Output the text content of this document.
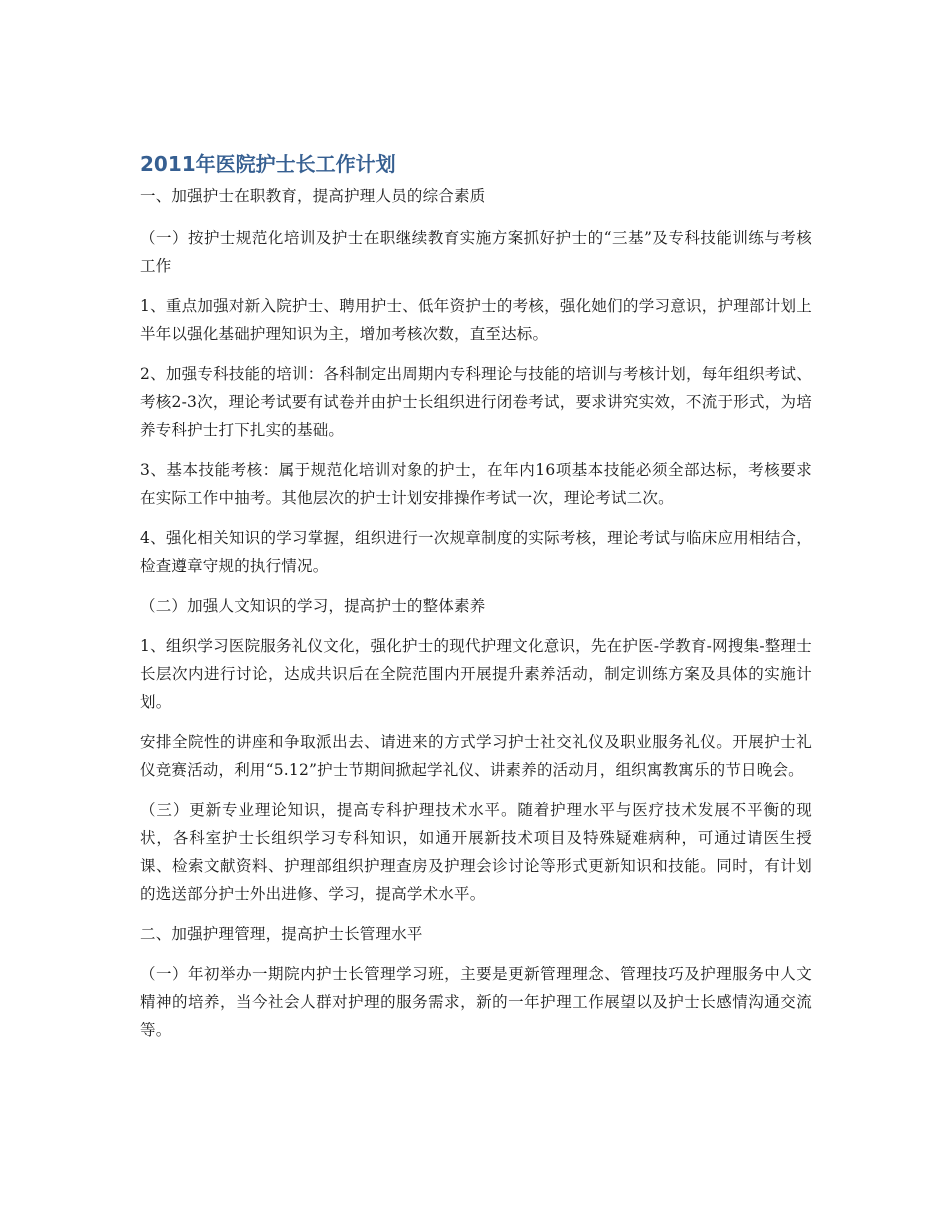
2011年医院护士长工作计划

一、加强护士在职教育，提高护理人员的综合素质

（一）按护士规范化培训及护士在职继续教育实施方案抓好护士的“三基”及专科技能训练与考核工作

1、重点加强对新入院护士、聘用护士、低年资护士的考核，强化她们的学习意识，护理部计划上半年以强化基础护理知识为主，增加考核次数，直至达标。

2、加强专科技能的培训：各科制定出周期内专科理论与技能的培训与考核计划，每年组织考试、考核2-3次，理论考试要有试卷并由护士长组织进行闭卷考试，要求讲究实效，不流于形式，为培养专科护士打下扎实的基础。

3、基本技能考核：属于规范化培训对象的护士，在年内16项基本技能必须全部达标，考核要求在实际工作中抽考。其他层次的护士计划安排操作考试一次，理论考试二次。

4、强化相关知识的学习掌握，组织进行一次规章制度的实际考核，理论考试与临床应用相结合，检查遵章守规的执行情况。

（二）加强人文知识的学习，提高护士的整体素养

1、组织学习医院服务礼仪文化，强化护士的现代护理文化意识，先在护医-学教育-网搜集-整理士长层次内进行讨论，达成共识后在全院范围内开展提升素养活动，制定训练方案及具体的实施计划。

安排全院性的讲座和争取派出去、请进来的方式学习护士社交礼仪及职业服务礼仪。开展护士礼仪竞赛活动，利用“5.12”护士节期间掀起学礼仪、讲素养的活动月，组织寓教寓乐的节日晚会。

（三）更新专业理论知识，提高专科护理技术水平。随着护理水平与医疗技术发展不平衡的现状，各科室护士长组织学习专科知识，如通开展新技术项目及特殊疑难病种，可通过请医生授课、检索文献资料、护理部组织护理查房及护理会诊讨论等形式更新知识和技能。同时，有计划的选送部分护士外出进修、学习，提高学术水平。

二、加强护理管理，提高护士长管理水平

（一）年初举办一期院内护士长管理学习班，主要是更新管理理念、管理技巧及护理服务中人文精神的培养，当今社会人群对护理的服务需求，新的一年护理工作展望以及护士长感情沟通交流等。
